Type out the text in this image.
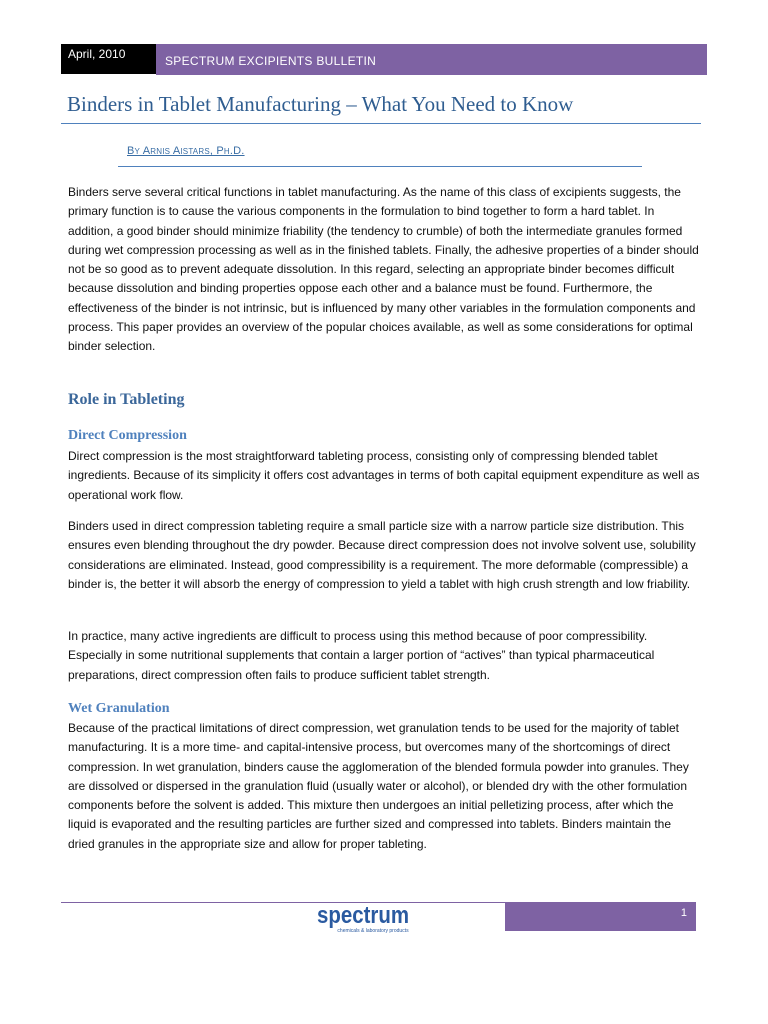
April, 2010	SPECTRUM EXCIPIENTS BULLETIN
Binders in Tablet Manufacturing – What You Need to Know
By Arnis Aistars, Ph.D.

Binders serve several critical functions in tablet manufacturing. As the name of this class of excipients suggests, the primary function is to cause the various components in the formulation to bind together to form a hard tablet. In addition, a good binder should minimize friability (the tendency to crumble) of both the intermediate granules formed during wet compression processing as well as in the finished tablets. Finally, the adhesive properties of a binder should not be so good as to prevent adequate dissolution. In this regard, selecting an appropriate binder becomes difficult because dissolution and binding properties oppose each other and a balance must be found. Furthermore, the effectiveness of the binder is not intrinsic, but is influenced by many other variables in the formulation components and process. This paper provides an overview of the popular choices available, as well as some considerations for optimal binder selection.

Role in Tableting
Direct Compression

Direct compression is the most straightforward tableting process, consisting only of compressing blended tablet ingredients. Because of its simplicity it offers cost advantages in terms of both capital equipment expenditure as well as operational work flow.

Binders used in direct compression tableting require a small particle size with a narrow particle size distribution. This ensures even blending throughout the dry powder. Because direct compression does not involve solvent use, solubility considerations are eliminated. Instead, good compressibility is a requirement. The more deformable (compressible) a binder is, the better it will absorb the energy of compression to yield a tablet with high crush strength and low friability.

In practice, many active ingredients are difficult to process using this method because of poor compressibility. Especially in some nutritional supplements that contain a larger portion of “actives” than typical pharmaceutical preparations, direct compression often fails to produce sufficient tablet strength.

Wet Granulation

Because of the practical limitations of direct compression, wet granulation tends to be used for the majority of tablet manufacturing. It is a more time- and capital-intensive process, but overcomes many of the shortcomings of direct compression. In wet granulation, binders cause the agglomeration of the blended formula powder into granules. They are dissolved or dispersed in the granulation fluid (usually water or alcohol), or blended dry with the other formulation components before the solvent is added. This mixture then undergoes an initial pelletizing process, after which the liquid is evaporated and the resulting particles are further sized and compressed into tablets. Binders maintain the dried granules in the appropriate size and allow for proper tableting.

spectrum
chemicals & laboratory products
1
